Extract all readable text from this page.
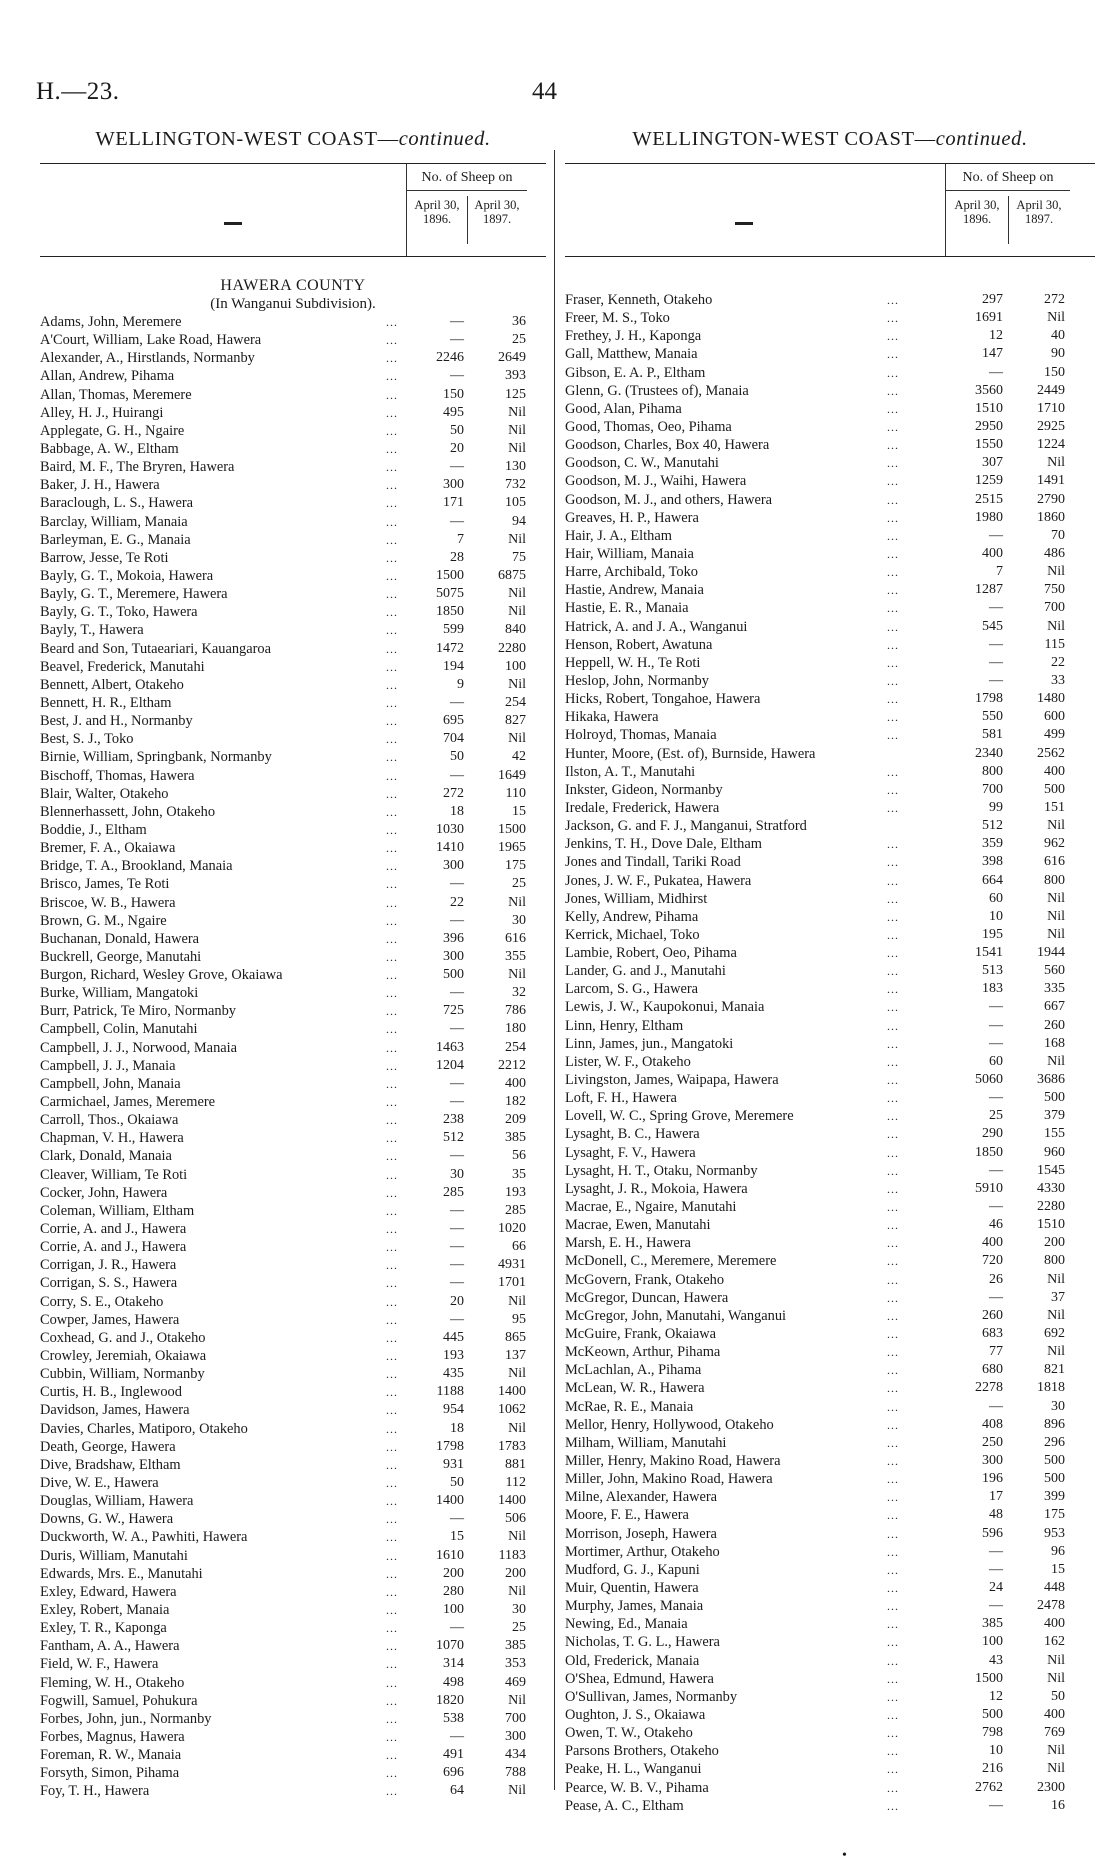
H.—23.	44
WELLINGTON-WEST COAST—continued.
No. of Sheep on
April 30, 1896.
April 30, 1897.
HAWERA COUNTY
(In Wanganui Subdivision).
Adams, John, Meremere	...	—	36
A'Court, William, Lake Road, Hawera	...	—	25
Alexander, A., Hirstlands, Normanby	...	2246	2649
Allan, Andrew, Pihama	...	—	393
Allan, Thomas, Meremere	...	150	125
Alley, H. J., Huirangi	...	495	Nil
Applegate, G. H., Ngaire	...	50	Nil
Babbage, A. W., Eltham	...	20	Nil
Baird, M. F., The Bryren, Hawera	...	—	130
Baker, J. H., Hawera	...	300	732
Baraclough, L. S., Hawera	...	171	105
Barclay, William, Manaia	...	—	94
Barleyman, E. G., Manaia	...	7	Nil
Barrow, Jesse, Te Roti	...	28	75
Bayly, G. T., Mokoia, Hawera	...	1500	6875
Bayly, G. T., Meremere, Hawera	...	5075	Nil
Bayly, G. T., Toko, Hawera	...	1850	Nil
Bayly, T., Hawera	...	599	840
Beard and Son, Tutaeariari, Kauangaroa	...	1472	2280
Beavel, Frederick, Manutahi	...	194	100
Bennett, Albert, Otakeho	...	9	Nil
Bennett, H. R., Eltham	...	—	254
Best, J. and H., Normanby	...	695	827
Best, S. J., Toko	...	704	Nil
Birnie, William, Springbank, Normanby	...	50	42
Bischoff, Thomas, Hawera	...	—	1649
Blair, Walter, Otakeho	...	272	110
Blennerhassett, John, Otakeho	...	18	15
Boddie, J., Eltham	...	1030	1500
Bremer, F. A., Okaiawa	...	1410	1965
Bridge, T. A., Brookland, Manaia	...	300	175
Brisco, James, Te Roti	...	—	25
Briscoe, W. B., Hawera	...	22	Nil
Brown, G. M., Ngaire	...	—	30
Buchanan, Donald, Hawera	...	396	616
Buckrell, George, Manutahi	...	300	355
Burgon, Richard, Wesley Grove, Okaiawa	...	500	Nil
Burke, William, Mangatoki	...	—	32
Burr, Patrick, Te Miro, Normanby	...	725	786
Campbell, Colin, Manutahi	...	—	180
Campbell, J. J., Norwood, Manaia	...	1463	254
Campbell, J. J., Manaia	...	1204	2212
Campbell, John, Manaia	...	—	400
Carmichael, James, Meremere	...	—	182
Carroll, Thos., Okaiawa	...	238	209
Chapman, V. H., Hawera	...	512	385
Clark, Donald, Manaia	...	—	56
Cleaver, William, Te Roti	...	30	35
Cocker, John, Hawera	...	285	193
Coleman, William, Eltham	...	—	285
Corrie, A. and J., Hawera	...	—	1020
Corrie, A. and J., Hawera	...	—	66
Corrigan, J. R., Hawera	...	—	4931
Corrigan, S. S., Hawera	...	—	1701
Corry, S. E., Otakeho	...	20	Nil
Cowper, James, Hawera	...	—	95
Coxhead, G. and J., Otakeho	...	445	865
Crowley, Jeremiah, Okaiawa	...	193	137
Cubbin, William, Normanby	...	435	Nil
Curtis, H. B., Inglewood	...	1188	1400
Davidson, James, Hawera	...	954	1062
Davies, Charles, Matiporo, Otakeho	...	18	Nil
Death, George, Hawera	...	1798	1783
Dive, Bradshaw, Eltham	...	931	881
Dive, W. E., Hawera	...	50	112
Douglas, William, Hawera	...	1400	1400
Downs, G. W., Hawera	...	—	506
Duckworth, W. A., Pawhiti, Hawera	...	15	Nil
Duris, William, Manutahi	...	1610	1183
Edwards, Mrs. E., Manutahi	...	200	200
Exley, Edward, Hawera	...	280	Nil
Exley, Robert, Manaia	...	100	30
Exley, T. R., Kaponga	...	—	25
Fantham, A. A., Hawera	...	1070	385
Field, W. F., Hawera	...	314	353
Fleming, W. H., Otakeho	...	498	469
Fogwill, Samuel, Pohukura	...	1820	Nil
Forbes, John, jun., Normanby	...	538	700
Forbes, Magnus, Hawera	...	—	300
Foreman, R. W., Manaia	...	491	434
Forsyth, Simon, Pihama	...	696	788
Foy, T. H., Hawera	...	64	Nil
WELLINGTON-WEST COAST—continued.
No. of Sheep on
April 30, 1896.
April 30, 1897.
Fraser, Kenneth, Otakeho	...	297	272
Freer, M. S., Toko	...	1691	Nil
Frethey, J. H., Kaponga	...	12	40
Gall, Matthew, Manaia	...	147	90
Gibson, E. A. P., Eltham	...	—	150
Glenn, G. (Trustees of), Manaia	...	3560	2449
Good, Alan, Pihama	...	1510	1710
Good, Thomas, Oeo, Pihama	...	2950	2925
Goodson, Charles, Box 40, Hawera	...	1550	1224
Goodson, C. W., Manutahi	...	307	Nil
Goodson, M. J., Waihi, Hawera	...	1259	1491
Goodson, M. J., and others, Hawera	...	2515	2790
Greaves, H. P., Hawera	...	1980	1860
Hair, J. A., Eltham	...	—	70
Hair, William, Manaia	...	400	486
Harre, Archibald, Toko	...	7	Nil
Hastie, Andrew, Manaia	...	1287	750
Hastie, E. R., Manaia	...	—	700
Hatrick, A. and J. A., Wanganui	...	545	Nil
Henson, Robert, Awatuna	...	—	115
Heppell, W. H., Te Roti	...	—	22
Heslop, John, Normanby	...	—	33
Hicks, Robert, Tongahoe, Hawera	...	1798	1480
Hikaka, Hawera	...	550	600
Holroyd, Thomas, Manaia	...	581	499
Hunter, Moore, (Est. of), Burnside, Hawera	2340	2562
Ilston, A. T., Manutahi	...	800	400
Inkster, Gideon, Normanby	...	700	500
Iredale, Frederick, Hawera	...	99	151
Jackson, G. and F. J., Manganui, Stratford	512	Nil
Jenkins, T. H., Dove Dale, Eltham	...	359	962
Jones and Tindall, Tariki Road	...	398	616
Jones, J. W. F., Pukatea, Hawera	...	664	800
Jones, William, Midhirst	...	60	Nil
Kelly, Andrew, Pihama	...	10	Nil
Kerrick, Michael, Toko	...	195	Nil
Lambie, Robert, Oeo, Pihama	...	1541	1944
Lander, G. and J., Manutahi	...	513	560
Larcom, S. G., Hawera	...	183	335
Lewis, J. W., Kaupokonui, Manaia	...	—	667
Linn, Henry, Eltham	...	—	260
Linn, James, jun., Mangatoki	...	—	168
Lister, W. F., Otakeho	...	60	Nil
Livingston, James, Waipapa, Hawera	...	5060	3686
Loft, F. H., Hawera	...	—	500
Lovell, W. C., Spring Grove, Meremere	...	25	379
Lysaght, B. C., Hawera	...	290	155
Lysaght, F. V., Hawera	...	1850	960
Lysaght, H. T., Otaku, Normanby	...	—	1545
Lysaght, J. R., Mokoia, Hawera	...	5910	4330
Macrae, E., Ngaire, Manutahi	...	—	2280
Macrae, Ewen, Manutahi	...	46	1510
Marsh, E. H., Hawera	...	400	200
McDonell, C., Meremere, Meremere	...	720	800
McGovern, Frank, Otakeho	...	26	Nil
McGregor, Duncan, Hawera	...	—	37
McGregor, John, Manutahi, Wanganui	...	260	Nil
McGuire, Frank, Okaiawa	...	683	692
McKeown, Arthur, Pihama	...	77	Nil
McLachlan, A., Pihama	...	680	821
McLean, W. R., Hawera	...	2278	1818
McRae, R. E., Manaia	...	—	30
Mellor, Henry, Hollywood, Otakeho	...	408	896
Milham, William, Manutahi	...	250	296
Miller, Henry, Makino Road, Hawera	...	300	500
Miller, John, Makino Road, Hawera	...	196	500
Milne, Alexander, Hawera	...	17	399
Moore, F. E., Hawera	...	48	175
Morrison, Joseph, Hawera	...	596	953
Mortimer, Arthur, Otakeho	...	—	96
Mudford, G. J., Kapuni	...	—	15
Muir, Quentin, Hawera	...	24	448
Murphy, James, Manaia	...	—	2478
Newing, Ed., Manaia	...	385	400
Nicholas, T. G. L., Hawera	...	100	162
Old, Frederick, Manaia	...	43	Nil
O'Shea, Edmund, Hawera	...	1500	Nil
O'Sullivan, James, Normanby	...	12	50
Oughton, J. S., Okaiawa	...	500	400
Owen, T. W., Otakeho	...	798	769
Parsons Brothers, Otakeho	...	10	Nil
Peake, H. L., Wanganui	...	216	Nil
Pearce, W. B. V., Pihama	...	2762	2300
Pease, A. C., Eltham	...	—	16
•
